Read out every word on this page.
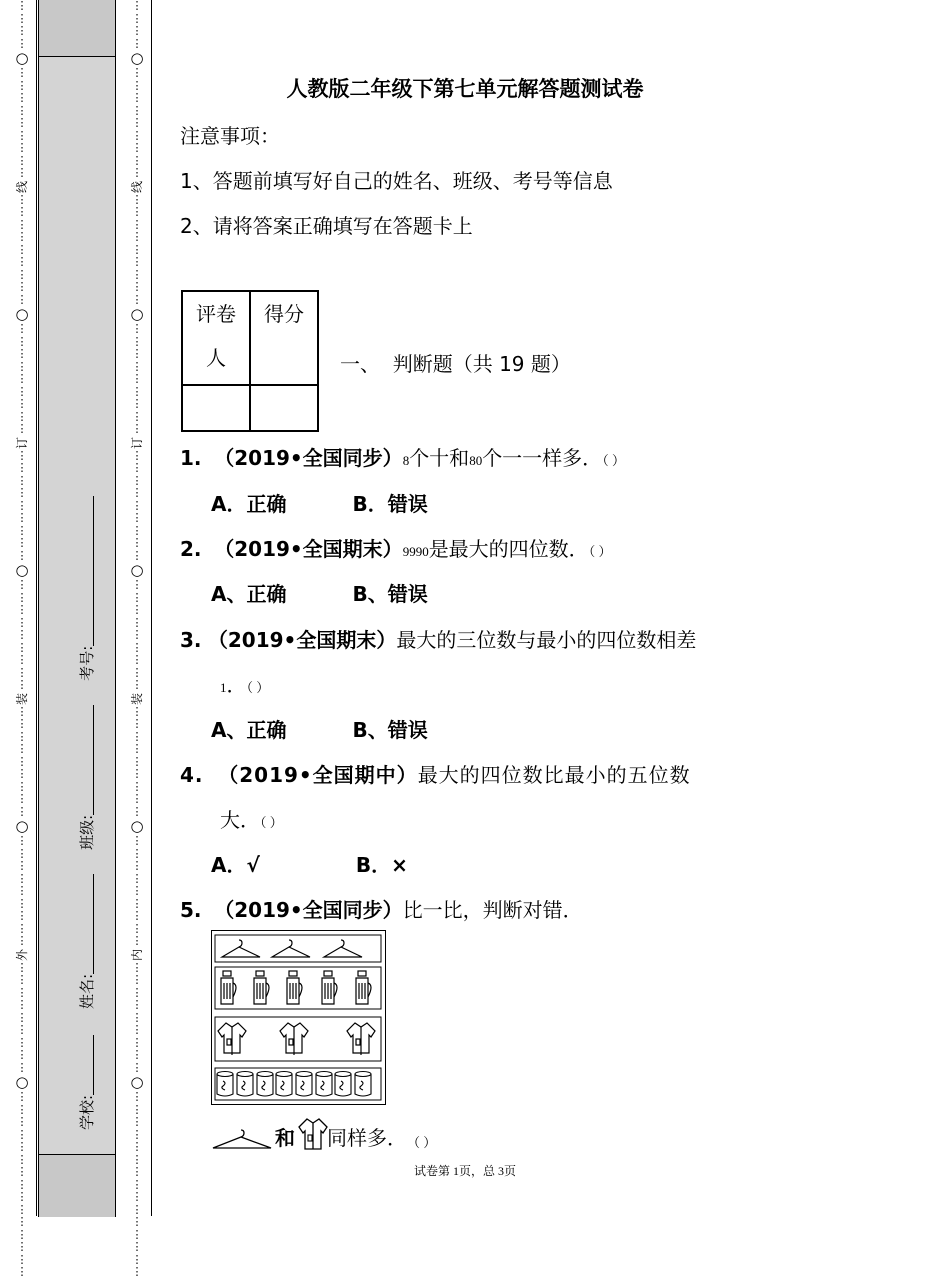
学校:
姓名:
班级:
考号:
⋮
⋮
⋮
⋮
○
⋮
⋮
⋮
⋮
⋮
⋮
⋮
⋮
⋮
线
⋮
⋮
⋮
⋮
⋮
⋮
⋮
⋮
⋮
○
⋮
⋮
⋮
⋮
⋮
⋮
⋮
⋮
⋮
订
⋮
⋮
⋮
⋮
⋮
⋮
⋮
⋮
⋮
○
⋮
⋮
⋮
⋮
⋮
⋮
⋮
⋮
⋮
装
⋮
⋮
⋮
⋮
⋮
⋮
⋮
⋮
⋮
○
⋮
⋮
⋮
⋮
⋮
⋮
⋮
⋮
⋮
外
⋮
⋮
⋮
⋮
⋮
⋮
⋮
⋮
⋮
○
⋮
⋮
⋮
⋮
⋮
⋮
⋮
⋮
⋮
⋮
⋮
⋮
⋮
⋮
⋮
⋮
⋮
⋮
⋮
○
⋮
⋮
⋮
⋮
⋮
⋮
⋮
⋮
⋮
线
⋮
⋮
⋮
⋮
⋮
⋮
⋮
⋮
⋮
○
⋮
⋮
⋮
⋮
⋮
⋮
⋮
⋮
⋮
订
⋮
⋮
⋮
⋮
⋮
⋮
⋮
⋮
⋮
○
⋮
⋮
⋮
⋮
⋮
⋮
⋮
⋮
⋮
装
⋮
⋮
⋮
⋮
⋮
⋮
⋮
⋮
⋮
○
⋮
⋮
⋮
⋮
⋮
⋮
⋮
⋮
⋮
内
⋮
⋮
⋮
⋮
⋮
⋮
⋮
⋮
⋮
○
⋮
⋮
⋮
⋮
⋮
⋮
⋮
⋮
⋮
⋮
⋮
⋮
⋮
⋮
⋮
人教版二年级下第七单元解答题测试卷
注意事项：
1、答题前填写好自己的姓名、班级、考号等信息
2、请将答案正确填写在答题卡上
评卷
人	得分

一、 判断题（共 19 题）
1. （2019•全国同步）8个十和80个一一样多．（ ）
A．正确	B．错误
2. （2019•全国期末）9990是最大的四位数．（ ）
A、正确	B、错误
3. （2019•全国期末）最大的三位数与最小的四位数相差
1．（ ）
A、正确	B、错误
4. （2019•全国期中）最大的四位数比最小的五位数
大．（ ）
A．√	B．×
5. （2019•全国同步）比一比，判断对错．
和 同样多． （ ）
试卷第 1页，总 3页
